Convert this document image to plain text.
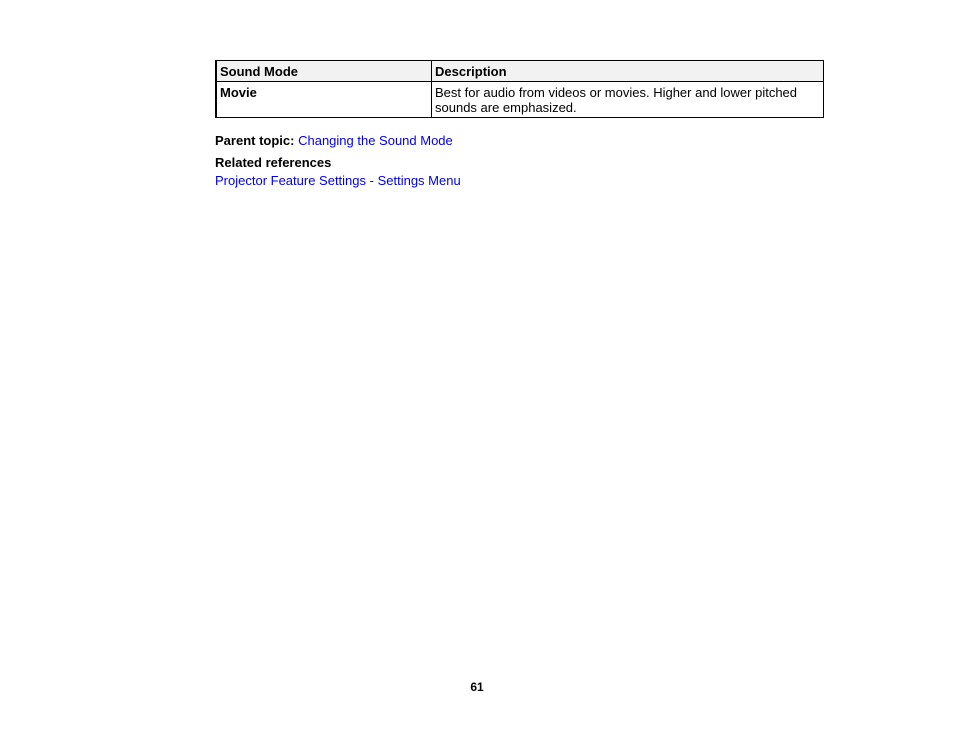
Sound Mode	Description
Movie	Best for audio from videos or movies. Higher and lower pitched sounds are emphasized.
Parent topic: Changing the Sound Mode
Related references
Projector Feature Settings - Settings Menu
61
